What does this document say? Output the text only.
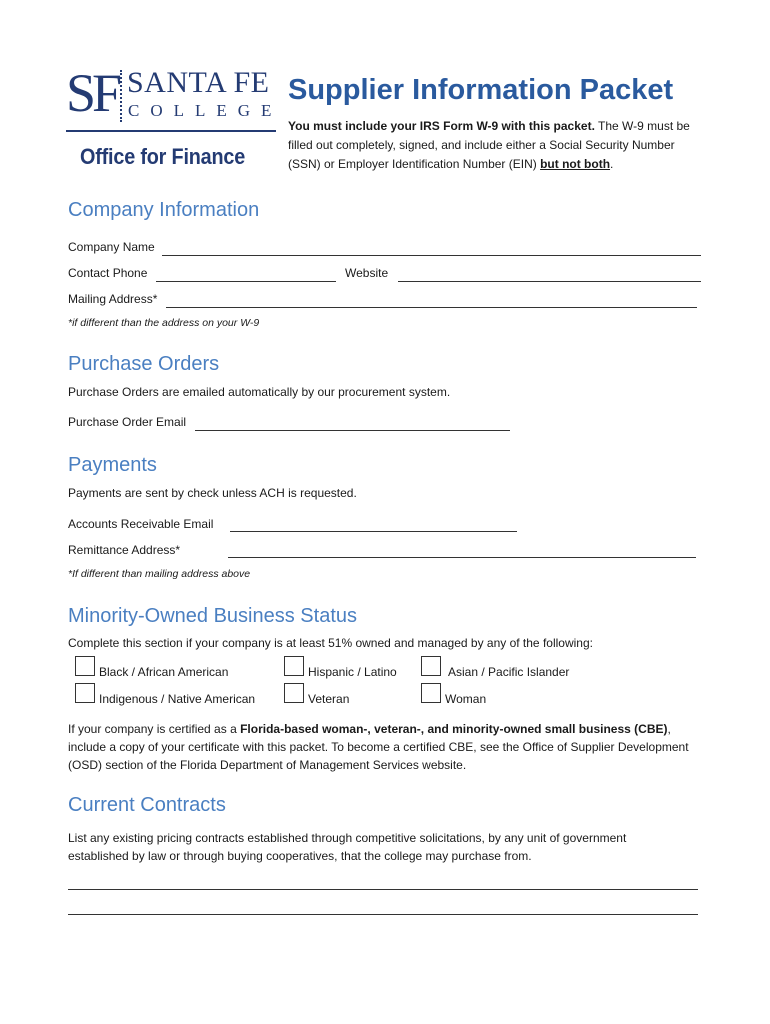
SF SANTA FE
COLLEGE
Office for Finance
Supplier Information Packet
You must include your IRS Form W-9 with this packet. The W-9 must be filled out completely, signed, and include either a Social Security Number (SSN) or Employer Identification Number (EIN) but not both.
Company Information
Company Name
Contact Phone	Website
Mailing Address*
*if different than the address on your W-9
Purchase Orders
Purchase Orders are emailed automatically by our procurement system.
Purchase Order Email
Payments
Payments are sent by check unless ACH is requested.
Accounts Receivable Email
Remittance Address*
*If different than mailing address above
Minority-Owned Business Status
Complete this section if your company is at least 51% owned and managed by any of the following:
Black / African American	Hispanic / Latino	Asian / Pacific Islander
Indigenous / Native American	Veteran	Woman
If your company is certified as a Florida-based woman-, veteran-, and minority-owned small business (CBE), include a copy of your certificate with this packet. To become a certified CBE, see the Office of Supplier Development (OSD) section of the Florida Department of Management Services website.
Current Contracts
List any existing pricing contracts established through competitive solicitations, by any unit of government established by law or through buying cooperatives, that the college may purchase from.
